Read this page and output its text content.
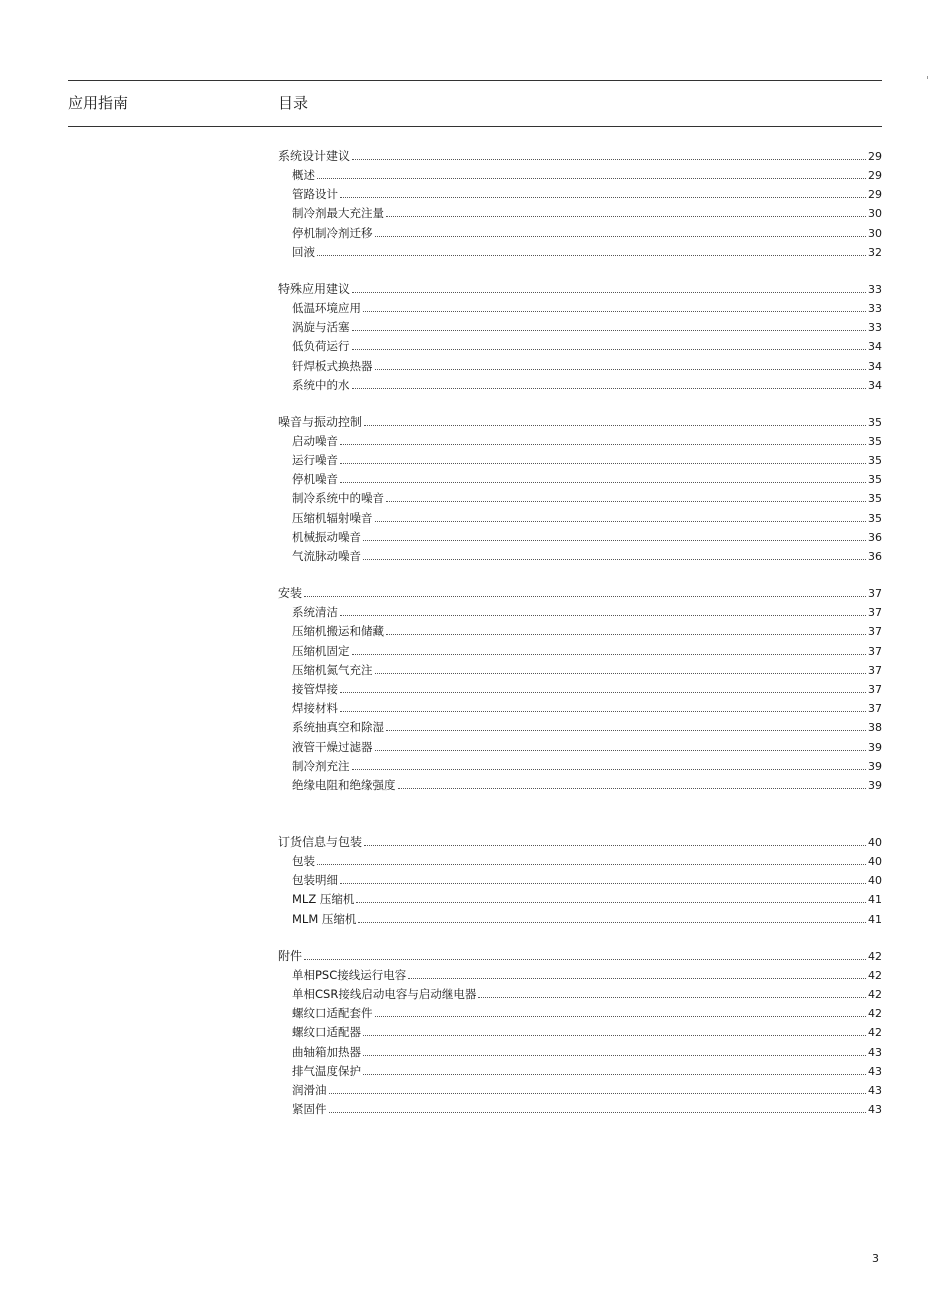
应用指南	目录
系统设计建议	29
概述	29
管路设计	29
制冷剂最大充注量	30
停机制冷剂迁移	30
回液	32
特殊应用建议	33
低温环境应用	33
涡旋与活塞	33
低负荷运行	34
钎焊板式换热器	34
系统中的水	34
噪音与振动控制	35
启动噪音	35
运行噪音	35
停机噪音	35
制冷系统中的噪音	35
压缩机辐射噪音	35
机械振动噪音	36
气流脉动噪音	36
安装	37
系统清洁	37
压缩机搬运和储藏	37
压缩机固定	37
压缩机氮气充注	37
接管焊接	37
焊接材料	37
系统抽真空和除湿	38
液管干燥过滤器	39
制冷剂充注	39
绝缘电阻和绝缘强度	39
订货信息与包装	40
包装	40
包装明细	40
MLZ 压缩机	41
MLM 压缩机	41
附件	42
单相PSC接线运行电容	42
单相CSR接线启动电容与启动继电器	42
螺纹口适配套件	42
螺纹口适配器	42
曲轴箱加热器	43
排气温度保护	43
润滑油	43
紧固件	43
3
